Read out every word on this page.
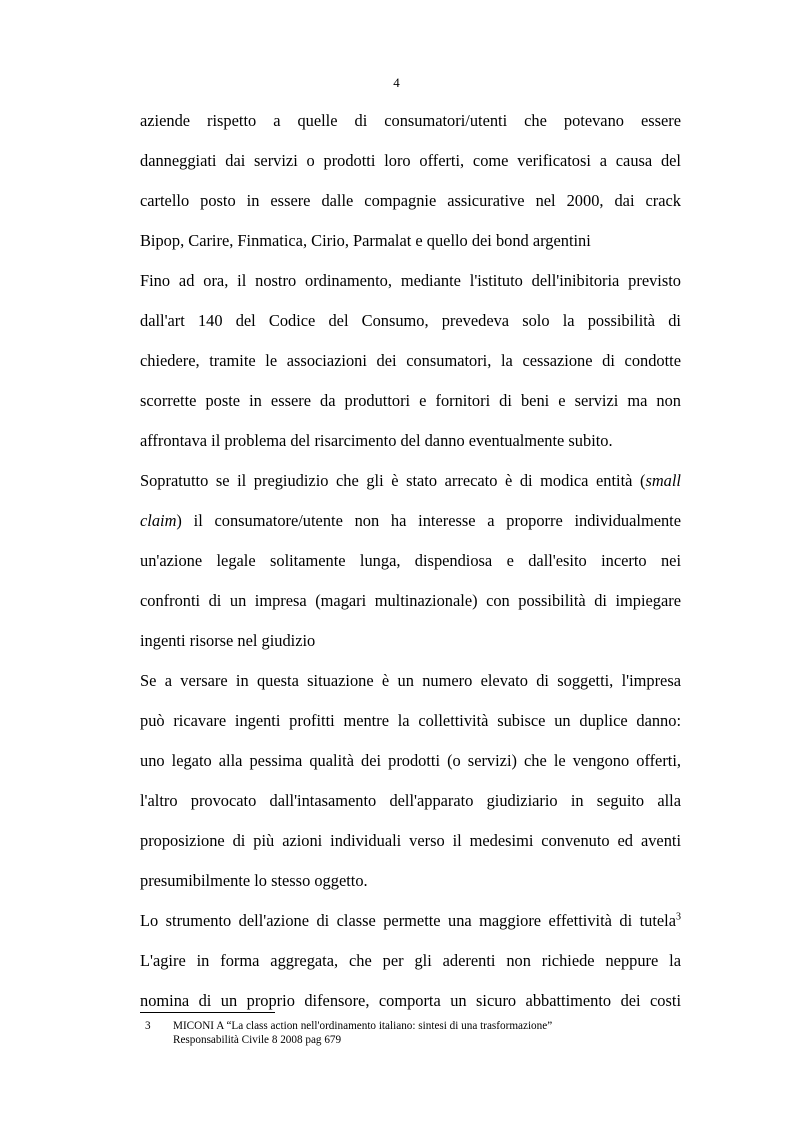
4
aziende rispetto a quelle di consumatori/utenti che potevano essere
danneggiati dai servizi o prodotti loro offerti, come verificatosi a causa del
cartello posto in essere dalle compagnie assicurative nel 2000, dai crack
Bipop, Carire, Finmatica, Cirio, Parmalat e quello dei bond argentini
Fino ad ora, il nostro ordinamento, mediante l'istituto dell'inibitoria previsto
dall'art 140 del Codice del Consumo, prevedeva solo la possibilità di
chiedere, tramite le associazioni dei consumatori, la cessazione di condotte
scorrette poste in essere da produttori e fornitori di beni e servizi ma non
affrontava il problema del risarcimento del danno eventualmente subito.
Sopratutto se il pregiudizio che gli è stato arrecato è di modica entità (small
claim) il consumatore/utente non ha interesse a proporre individualmente
un'azione legale solitamente lunga, dispendiosa e dall'esito incerto nei
confronti di un impresa (magari multinazionale) con possibilità di impiegare
ingenti risorse nel giudizio
Se a versare in questa situazione è un numero elevato di soggetti, l'impresa
può ricavare ingenti profitti mentre la collettività subisce un duplice danno:
uno legato alla pessima qualità dei prodotti (o servizi) che le vengono offerti,
l'altro provocato dall'intasamento dell'apparato giudiziario in seguito alla
proposizione di più azioni individuali verso il medesimi convenuto ed aventi
presumibilmente lo stesso oggetto.
Lo strumento dell'azione di classe permette una maggiore effettività di tutela$^3$
L'agire in forma aggregata, che per gli aderenti non richiede neppure la
nomina di un proprio difensore, comporta un sicuro abbattimento dei costi
3 MICONI A “La class action nell'ordinamento italiano: sintesi di una trasformazione”
Responsabilità Civile 8 2008 pag 679
